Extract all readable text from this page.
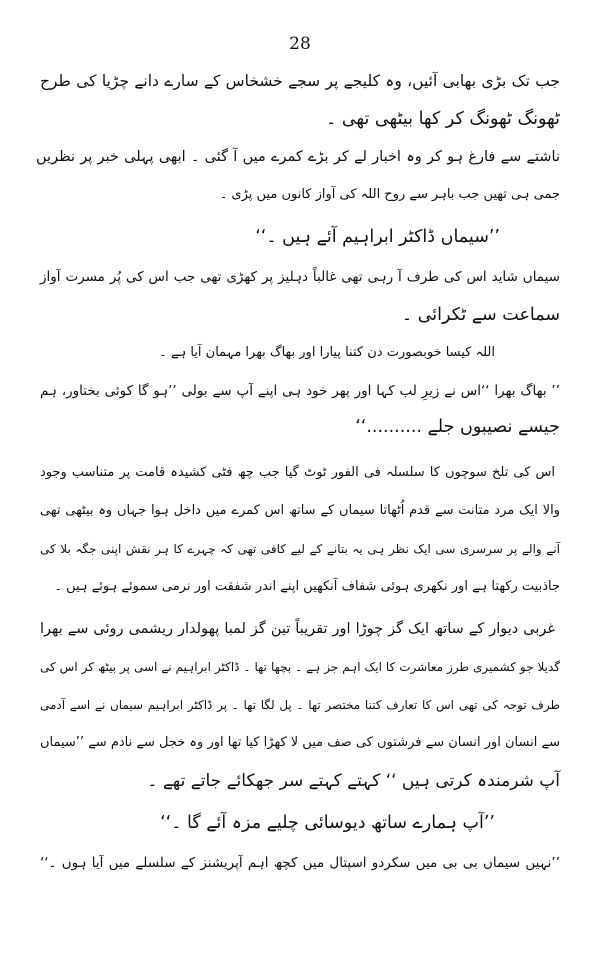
28
جب تک بڑی بھابی آئیں، وہ کلیجے پر سجے خشخاس کے سارے دانے چڑیا کی طرح
ٹھونگ ٹھونگ کر کھا بیٹھی تھی ۔
ناشتے سے فارغ ہو کر وہ اخبار لے کر بڑے کمرے میں آ گئی ۔ ابھی پہلی خبر پر نظریں
جمی ہی تھیں جب باہر سے روح اللہ کی آواز کانوں میں پڑی ۔
’’سیماں ڈاکٹر ابراہیم آئے ہیں ۔‘‘
سیماں شاید اس کی طرف آ رہی تھی غالباً دہلیز پر کھڑی تھی جب اس کی پُر مسرت آواز
سماعت سے ٹکرائی ۔
اللہ کیسا خوبصورت دن کتنا پیارا اور بھاگ بھرا مہمان آیا ہے ۔
’’ بھاگ بھرا ‘‘اس نے زیرِ لب کہا اور پھر خود ہی اپنے آپ سے بولی ’’ہو گا کوئی بختاور، ہم
جیسے نصیبوں جلے ..........‘‘
اس کی تلخ سوچوں کا سلسلہ فی الفور ٹوٹ گیا جب چھ فٹی کشیدہ قامت پر متناسب وجود
والا ایک مرد متانت سے قدم اُٹھاتا سیماں کے ساتھ اس کمرے میں داخل ہوا جہاں وہ بیٹھی تھی
آنے والے پر سرسری سی ایک نظر ہی یہ بتانے کے لیے کافی تھی کہ چہرے کا ہر نقش اپنی جگہ بلا کی
جاذبیت رکھتا ہے اور نکھری ہوئی شفاف آنکھیں اپنے اندر شفقت اور نرمی سموئے ہوئے ہیں ۔
غربی دیوار کے ساتھ ایک گز چوڑا اور تقریباً تین گز لمبا پھولدار ریشمی روئی سے بھرا
گدیلا جو کشمیری طرز معاشرت کا ایک اہم جز ہے ۔ بچھا تھا ۔ ڈاکٹر ابراہیم نے اسی پر بیٹھ کر اس کی
طرف توجہ کی تھی اس کا تعارف کتنا مختصر تھا ۔ پل لگا تھا ۔ پر ڈاکٹر ابراہیم سیماں نے اسے آدمی
سے انسان اور انسان سے فرشتوں کی صف میں لا کھڑا کیا تھا اور وہ خجل سے نادم سے ’’سیماں
آپ شرمندہ کرتی ہیں ‘‘ کہتے کہتے سر جھکائے جاتے تھے ۔
’’آپ ہمارے ساتھ دیوسائی چلیے مزہ آئے گا ۔‘‘
’’نہیں سیماں بی بی میں سکردو اسپتال میں کچھ اہم آپریشنز کے سلسلے میں آیا ہوں ۔‘‘
